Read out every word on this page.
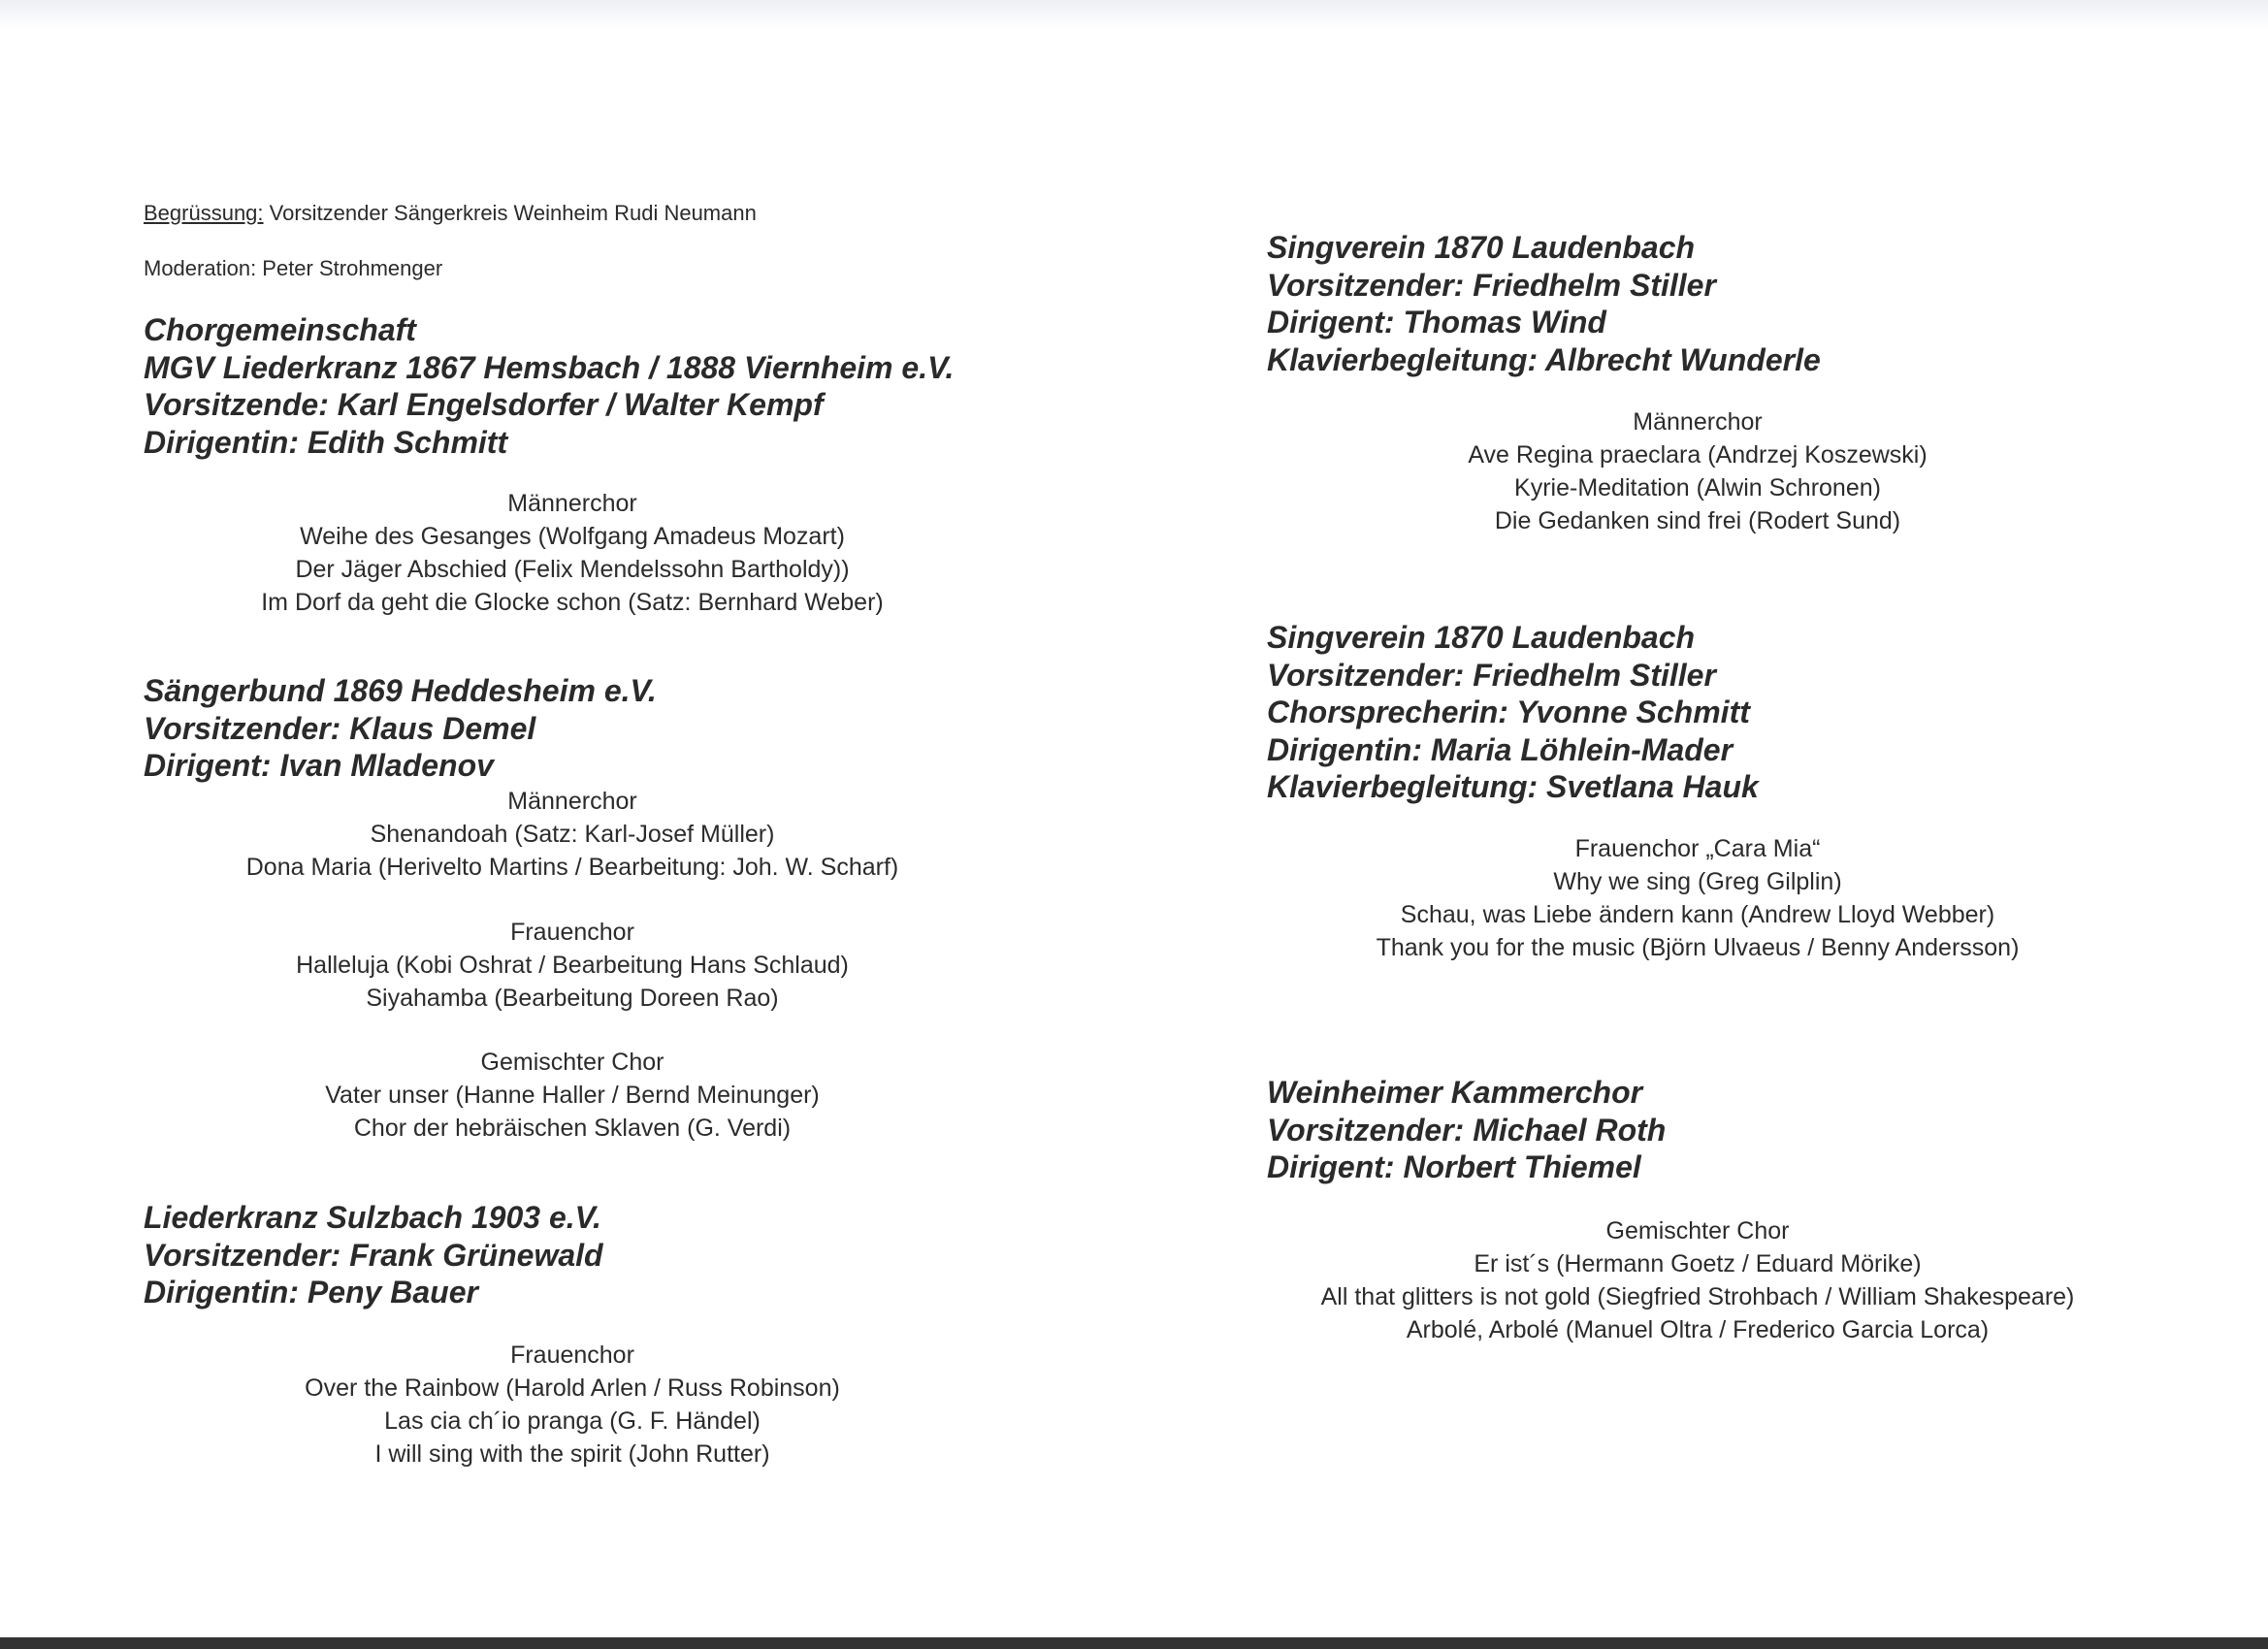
Begrüssung: Vorsitzender Sängerkreis Weinheim Rudi Neumann
Moderation: Peter Strohmenger
Chorgemeinschaft
MGV Liederkranz 1867 Hemsbach / 1888 Viernheim e.V.
Vorsitzende: Karl Engelsdorfer / Walter Kempf
Dirigentin: Edith Schmitt
Männerchor
Weihe des Gesanges (Wolfgang Amadeus Mozart)
Der Jäger Abschied (Felix Mendelssohn Bartholdy))
Im Dorf da geht die Glocke schon (Satz: Bernhard Weber)
Sängerbund 1869 Heddesheim e.V.
Vorsitzender: Klaus Demel
Dirigent: Ivan Mladenov
Männerchor
Shenandoah (Satz: Karl-Josef Müller)
Dona Maria (Herivelto Martins / Bearbeitung: Joh. W. Scharf)
Frauenchor
Halleluja (Kobi Oshrat / Bearbeitung Hans Schlaud)
Siyahamba (Bearbeitung Doreen Rao)
Gemischter Chor
Vater unser (Hanne Haller / Bernd Meinunger)
Chor der hebräischen Sklaven (G. Verdi)
Liederkranz Sulzbach 1903 e.V.
Vorsitzender: Frank Grünewald
Dirigentin: Peny Bauer
Frauenchor
Over the Rainbow (Harold Arlen / Russ Robinson)
Las cia ch´io pranga (G. F. Händel)
I will sing with the spirit (John Rutter)
Singverein 1870 Laudenbach
Vorsitzender: Friedhelm Stiller
Dirigent: Thomas Wind
Klavierbegleitung: Albrecht Wunderle
Männerchor
Ave Regina praeclara (Andrzej Koszewski)
Kyrie-Meditation (Alwin Schronen)
Die Gedanken sind frei (Rodert Sund)
Singverein 1870 Laudenbach
Vorsitzender: Friedhelm Stiller
Chorsprecherin: Yvonne Schmitt
Dirigentin: Maria Löhlein-Mader
Klavierbegleitung: Svetlana Hauk
Frauenchor „Cara Mia“
Why we sing (Greg Gilplin)
Schau, was Liebe ändern kann (Andrew Lloyd Webber)
Thank you for the music (Björn Ulvaeus / Benny Andersson)
Weinheimer Kammerchor
Vorsitzender: Michael Roth
Dirigent: Norbert Thiemel
Gemischter Chor
Er ist´s (Hermann Goetz / Eduard Mörike)
All that glitters is not gold (Siegfried Strohbach / William Shakespeare)
Arbolé, Arbolé (Manuel Oltra / Frederico Garcia Lorca)
